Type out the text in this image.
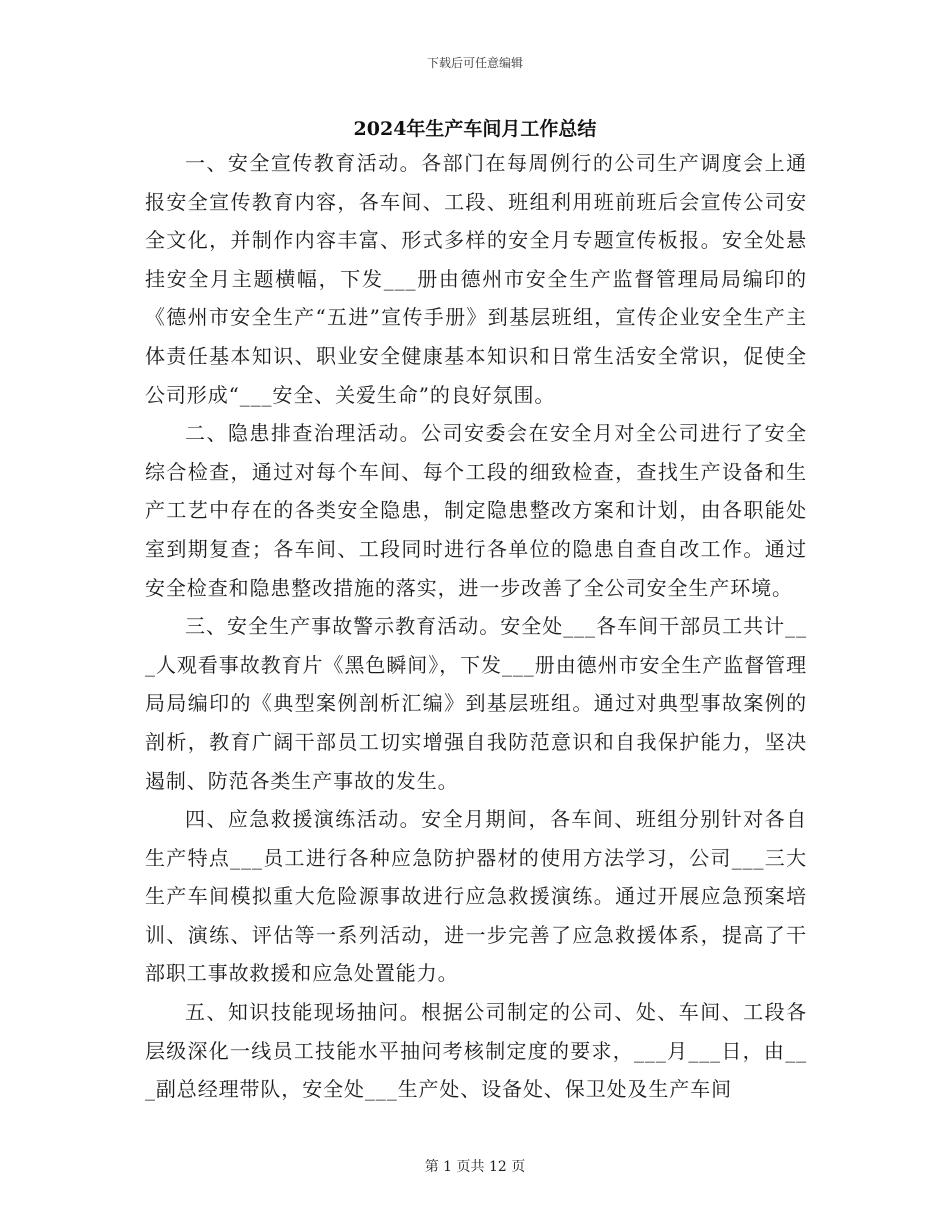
下载后可任意编辑
2024年生产车间月工作总结

一、安全宣传教育活动。各部门在每周例行的公司生产调度会上通报安全宣传教育内容，各车间、工段、班组利用班前班后会宣传公司安全文化，并制作内容丰富、形式多样的安全月专题宣传板报。安全处悬挂安全月主题横幅，下发___册由德州市安全生产监督管理局局编印的《德州市安全生产“五进”宣传手册》到基层班组，宣传企业安全生产主体责任基本知识、职业安全健康基本知识和日常生活安全常识，促使全公司形成“___安全、关爱生命”的良好氛围。

二、隐患排查治理活动。公司安委会在安全月对全公司进行了安全综合检查，通过对每个车间、每个工段的细致检查，查找生产设备和生产工艺中存在的各类安全隐患，制定隐患整改方案和计划，由各职能处室到期复查；各车间、工段同时进行各单位的隐患自查自改工作。通过安全检查和隐患整改措施的落实，进一步改善了全公司安全生产环境。

三、安全生产事故警示教育活动。安全处___各车间干部员工共计___人观看事故教育片《黑色瞬间》，下发___册由德州市安全生产监督管理局局编印的《典型案例剖析汇编》到基层班组。通过对典型事故案例的剖析，教育广阔干部员工切实增强自我防范意识和自我保护能力，坚决遏制、防范各类生产事故的发生。

四、应急救援演练活动。安全月期间，各车间、班组分别针对各自生产特点___员工进行各种应急防护器材的使用方法学习，公司___三大生产车间模拟重大危险源事故进行应急救援演练。通过开展应急预案培训、演练、评估等一系列活动，进一步完善了应急救援体系，提高了干部职工事故救援和应急处置能力。

五、知识技能现场抽问。根据公司制定的公司、处、车间、工段各层级深化一线员工技能水平抽问考核制定度的要求，___月___日，由___副总经理带队，安全处___生产处、设备处、保卫处及生产车间

第 1 页共 12 页
